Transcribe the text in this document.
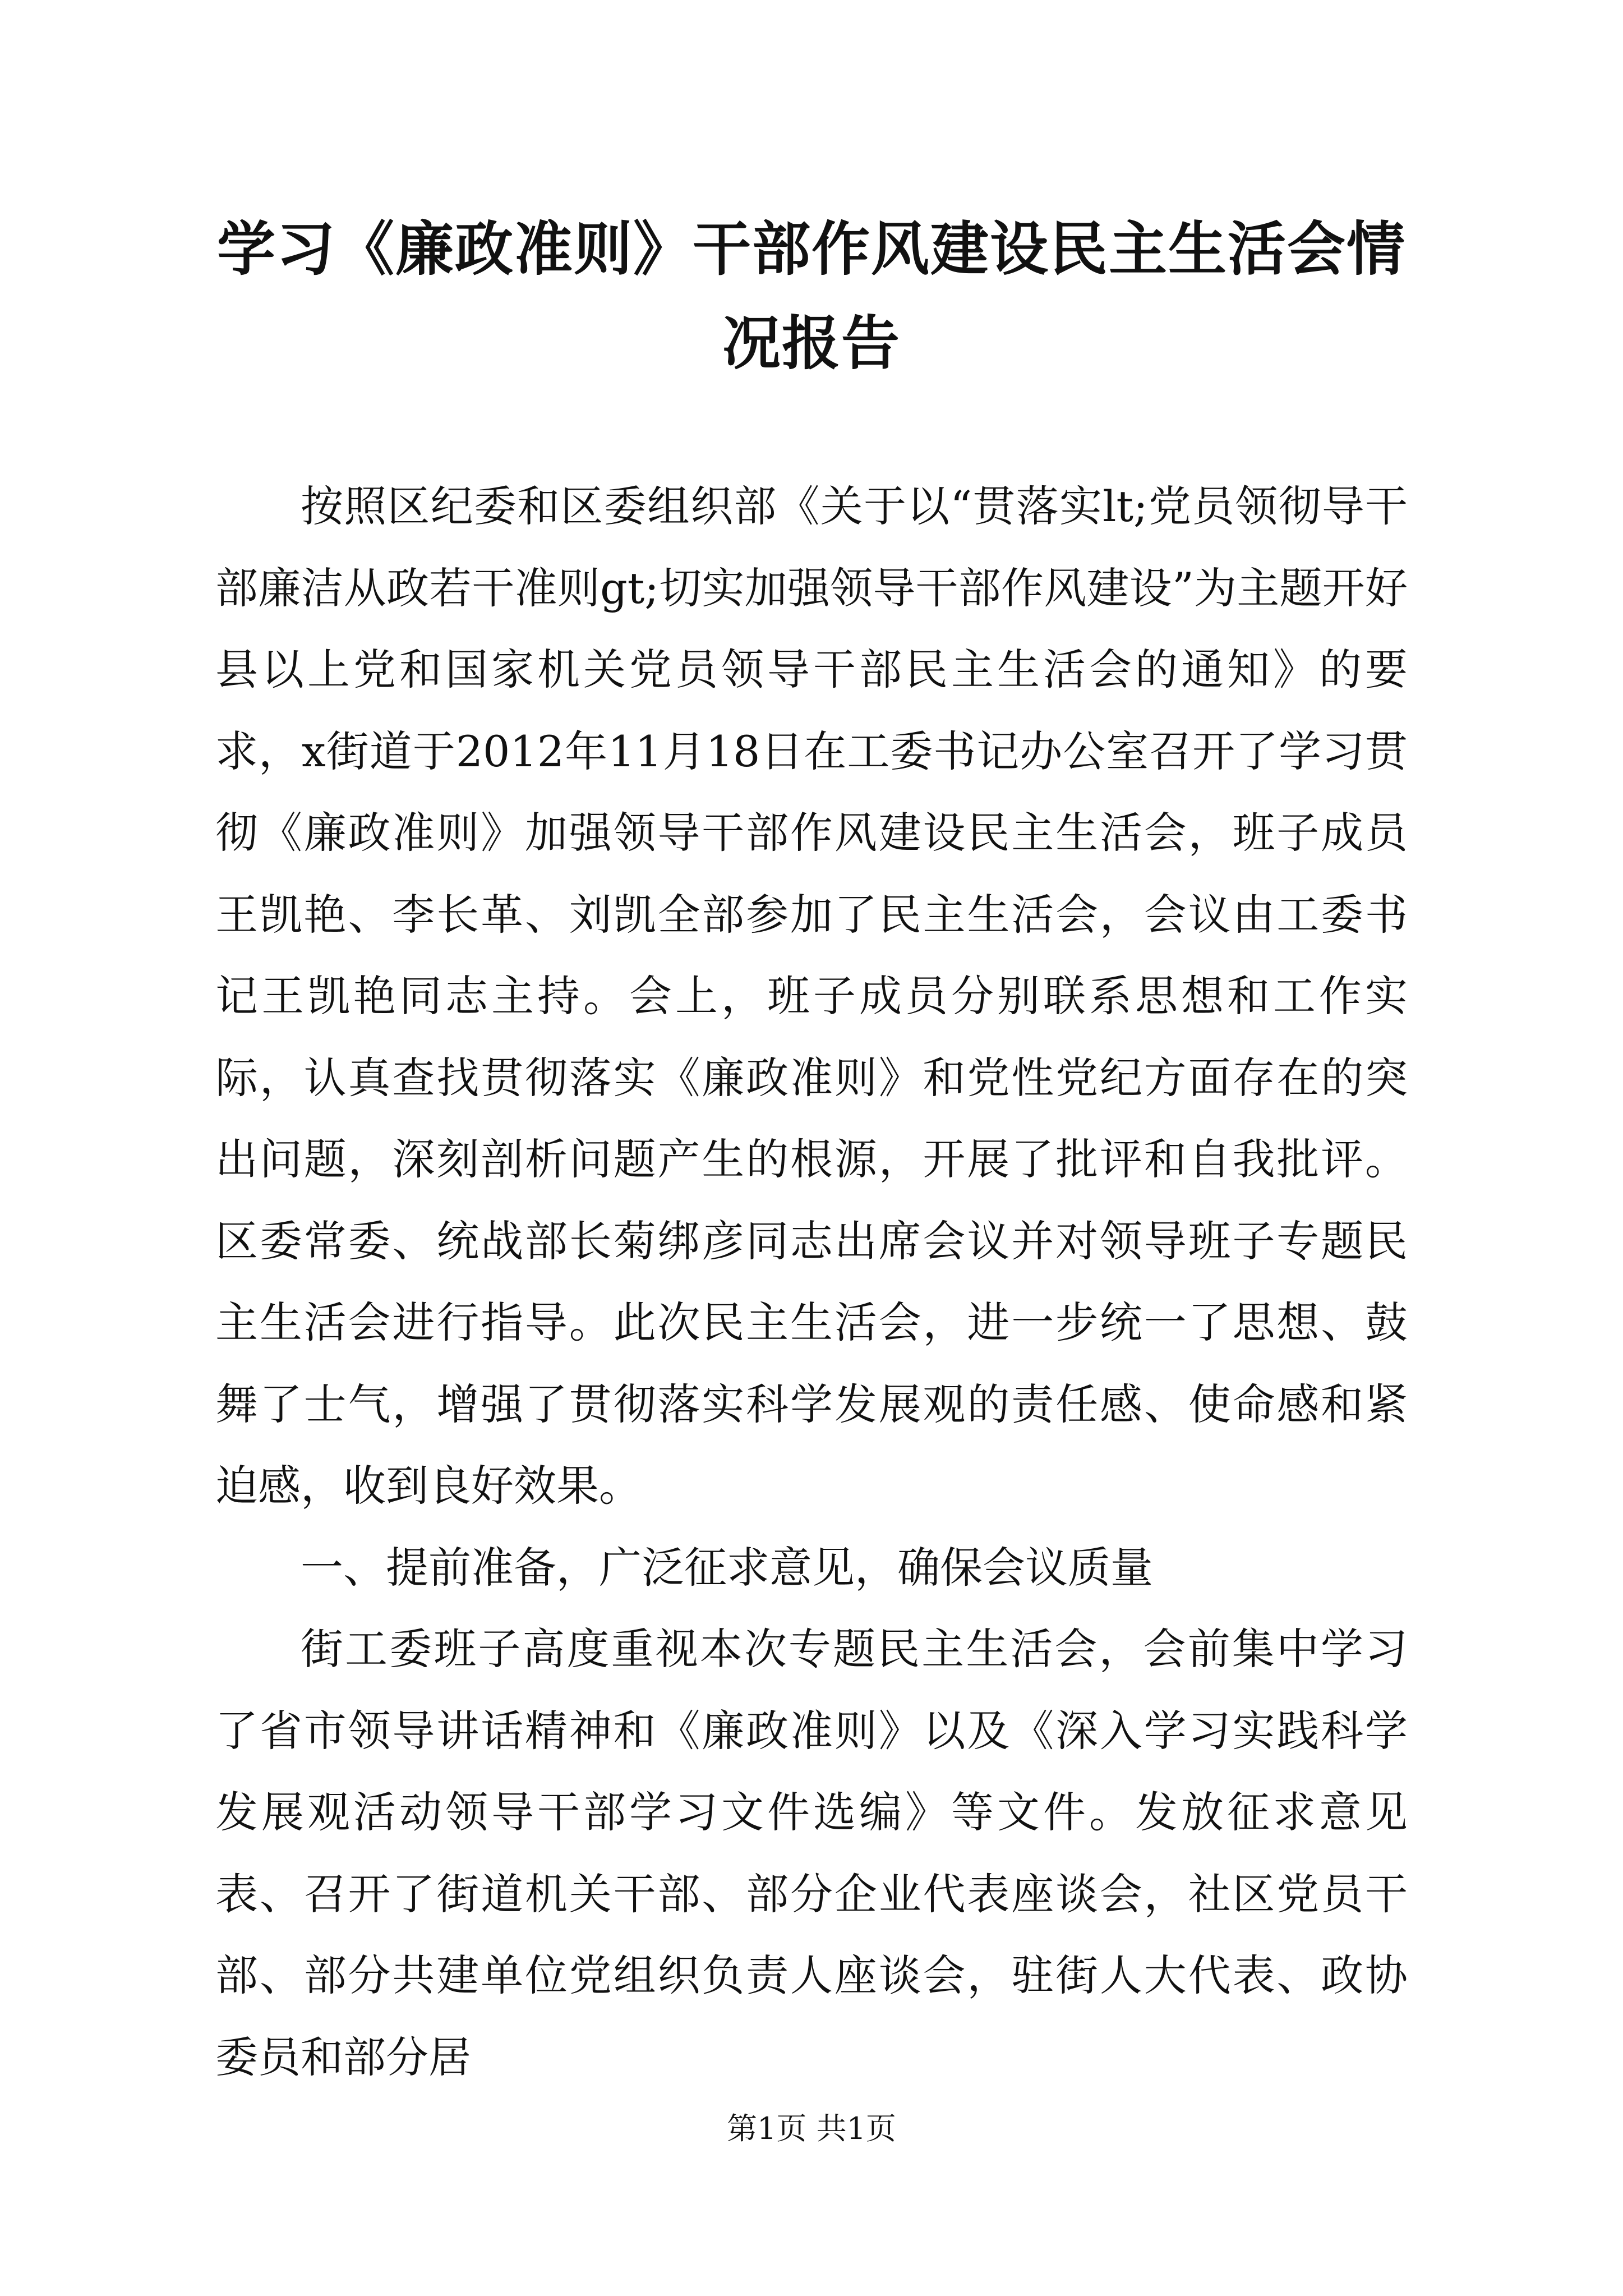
学习《廉政准则》干部作风建设民主生活会情况报告

按照区纪委和区委组织部《关于以“贯落实lt;党员领彻导干部廉洁从政若干准则gt;切实加强领导干部作风建设”为主题开好县以上党和国家机关党员领导干部民主生活会的通知》的要求，x街道于2012年11月18日在工委书记办公室召开了学习贯彻《廉政准则》加强领导干部作风建设民主生活会，班子成员王凯艳、李长革、刘凯全部参加了民主生活会，会议由工委书记王凯艳同志主持。会上，班子成员分别联系思想和工作实际，认真查找贯彻落实《廉政准则》和党性党纪方面存在的突出问题，深刻剖析问题产生的根源，开展了批评和自我批评。区委常委、统战部长菊绑彦同志出席会议并对领导班子专题民主生活会进行指导。此次民主生活会，进一步统一了思想、鼓舞了士气，增强了贯彻落实科学发展观的责任感、使命感和紧迫感，收到良好效果。

一、提前准备，广泛征求意见，确保会议质量

街工委班子高度重视本次专题民主生活会，会前集中学习了省市领导讲话精神和《廉政准则》以及《深入学习实践科学发展观活动领导干部学习文件选编》等文件。发放征求意见表、召开了街道机关干部、部分企业代表座谈会，社区党员干部、部分共建单位党组织负责人座谈会，驻街人大代表、政协委员和部分居

第1页 共1页
